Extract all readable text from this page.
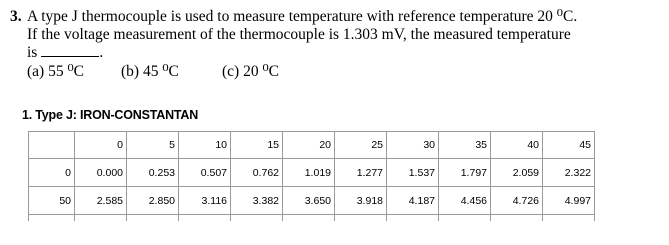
3. A type J thermocouple is used to measure temperature with reference temperature 20 ⁰C.
If the voltage measurement of the thermocouple is 1.303 mV, the measured temperature
is	.
(a) 55 ⁰C (b) 45 ⁰C	(c) 20 ⁰C
1. Type J: IRON-CONSTANTAN
	0	5	10	15	20	25	30	35	40	45
0	0.000	0.253	0.507	0.762	1.019	1.277	1.537	1.797	2.059	2.322
50	2.585	2.850	3.116	3.382	3.650	3.918	4.187	4.456	4.726	4.997
